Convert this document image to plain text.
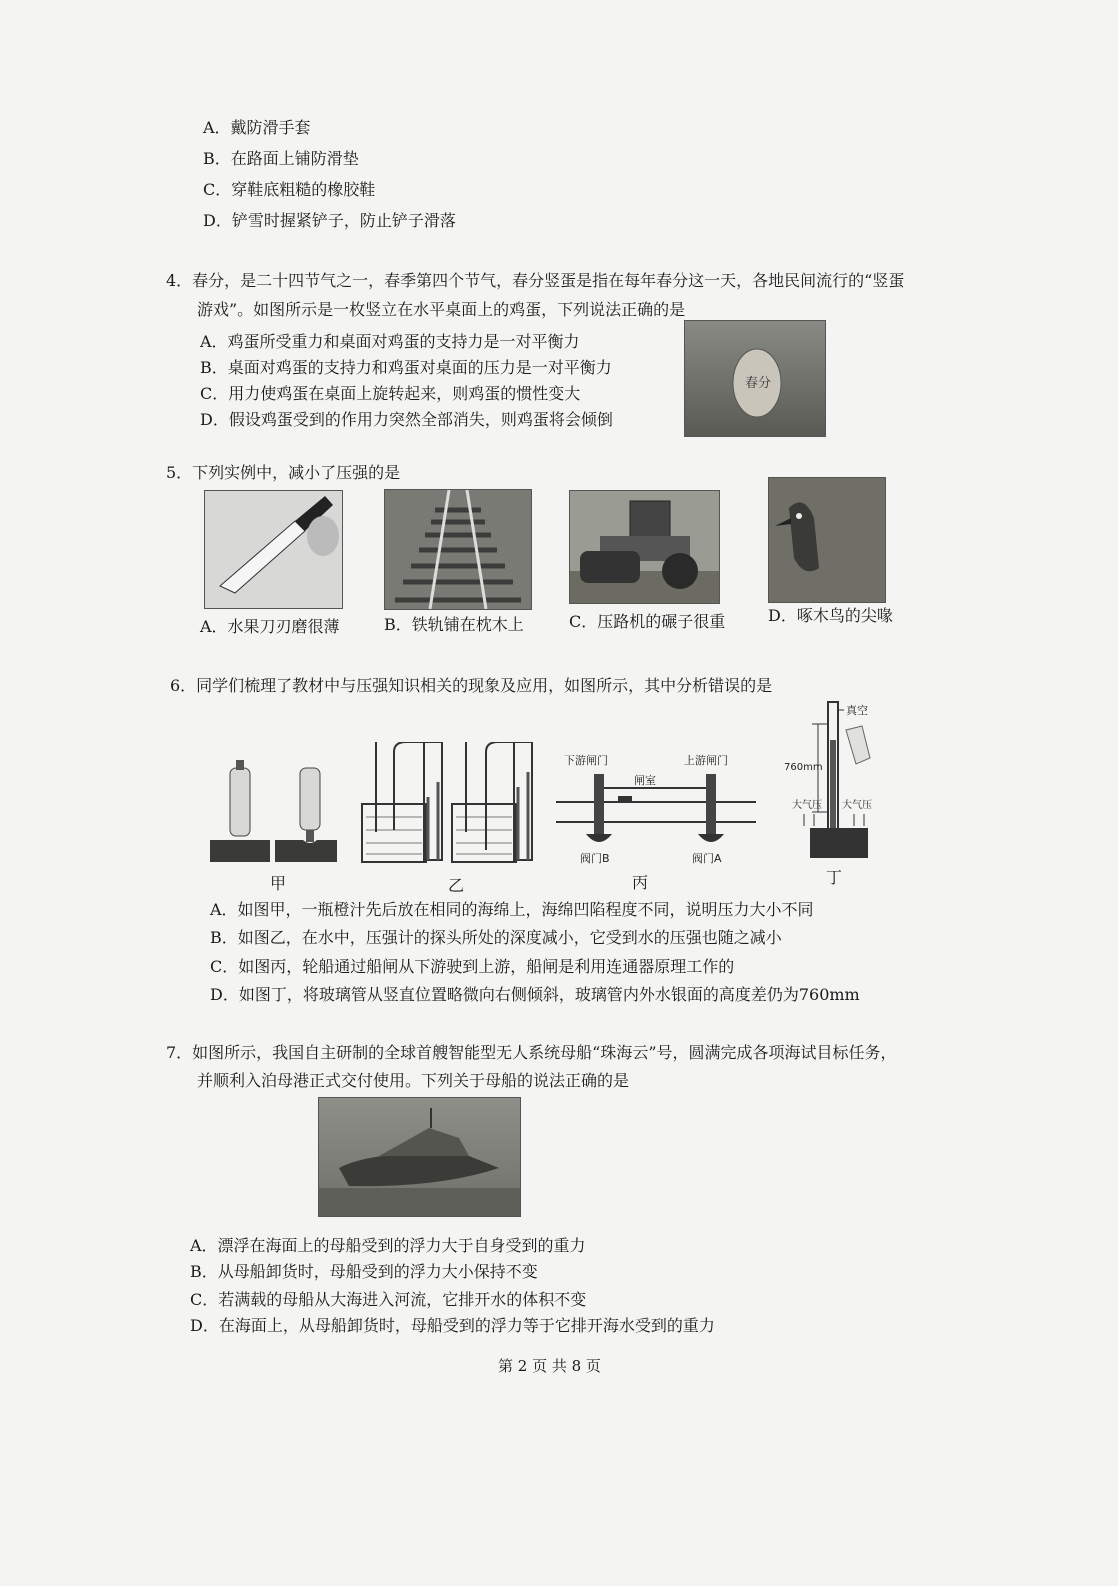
A．戴防滑手套
B．在路面上铺防滑垫
C．穿鞋底粗糙的橡胶鞋
D．铲雪时握紧铲子，防止铲子滑落
4．春分，是二十四节气之一，春季第四个节气，春分竖蛋是指在每年春分这一天，各地民间流行的“竖蛋
游戏”。如图所示是一枚竖立在水平桌面上的鸡蛋，下列说法正确的是
A．鸡蛋所受重力和桌面对鸡蛋的支持力是一对平衡力
B．桌面对鸡蛋的支持力和鸡蛋对桌面的压力是一对平衡力
C．用力使鸡蛋在桌面上旋转起来，则鸡蛋的惯性变大
D．假设鸡蛋受到的作用力突然全部消失，则鸡蛋将会倾倒
春分
5．下列实例中，减小了压强的是
A．水果刀刃磨很薄	B．铁轨铺在枕木上	C．压路机的碾子很重	D．啄木鸟的尖喙
6．同学们梳理了教材中与压强知识相关的现象及应用，如图所示，其中分析错误的是
下游闸门	上游闸门
闸室
阀门B	阀门A
真空
760mm
大气压 大气压
甲	乙	丙	丁
A．如图甲，一瓶橙汁先后放在相同的海绵上，海绵凹陷程度不同，说明压力大小不同
B．如图乙，在水中，压强计的探头所处的深度减小，它受到水的压强也随之减小
C．如图丙，轮船通过船闸从下游驶到上游，船闸是利用连通器原理工作的
D．如图丁，将玻璃管从竖直位置略微向右侧倾斜，玻璃管内外水银面的高度差仍为760mm
7．如图所示，我国自主研制的全球首艘智能型无人系统母船“珠海云”号，圆满完成各项海试目标任务，
并顺利入泊母港正式交付使用。下列关于母船的说法正确的是
A．漂浮在海面上的母船受到的浮力大于自身受到的重力
B．从母船卸货时，母船受到的浮力大小保持不变
C．若满载的母船从大海进入河流，它排开水的体积不变
D．在海面上，从母船卸货时，母船受到的浮力等于它排开海水受到的重力
第 2 页 共 8 页
